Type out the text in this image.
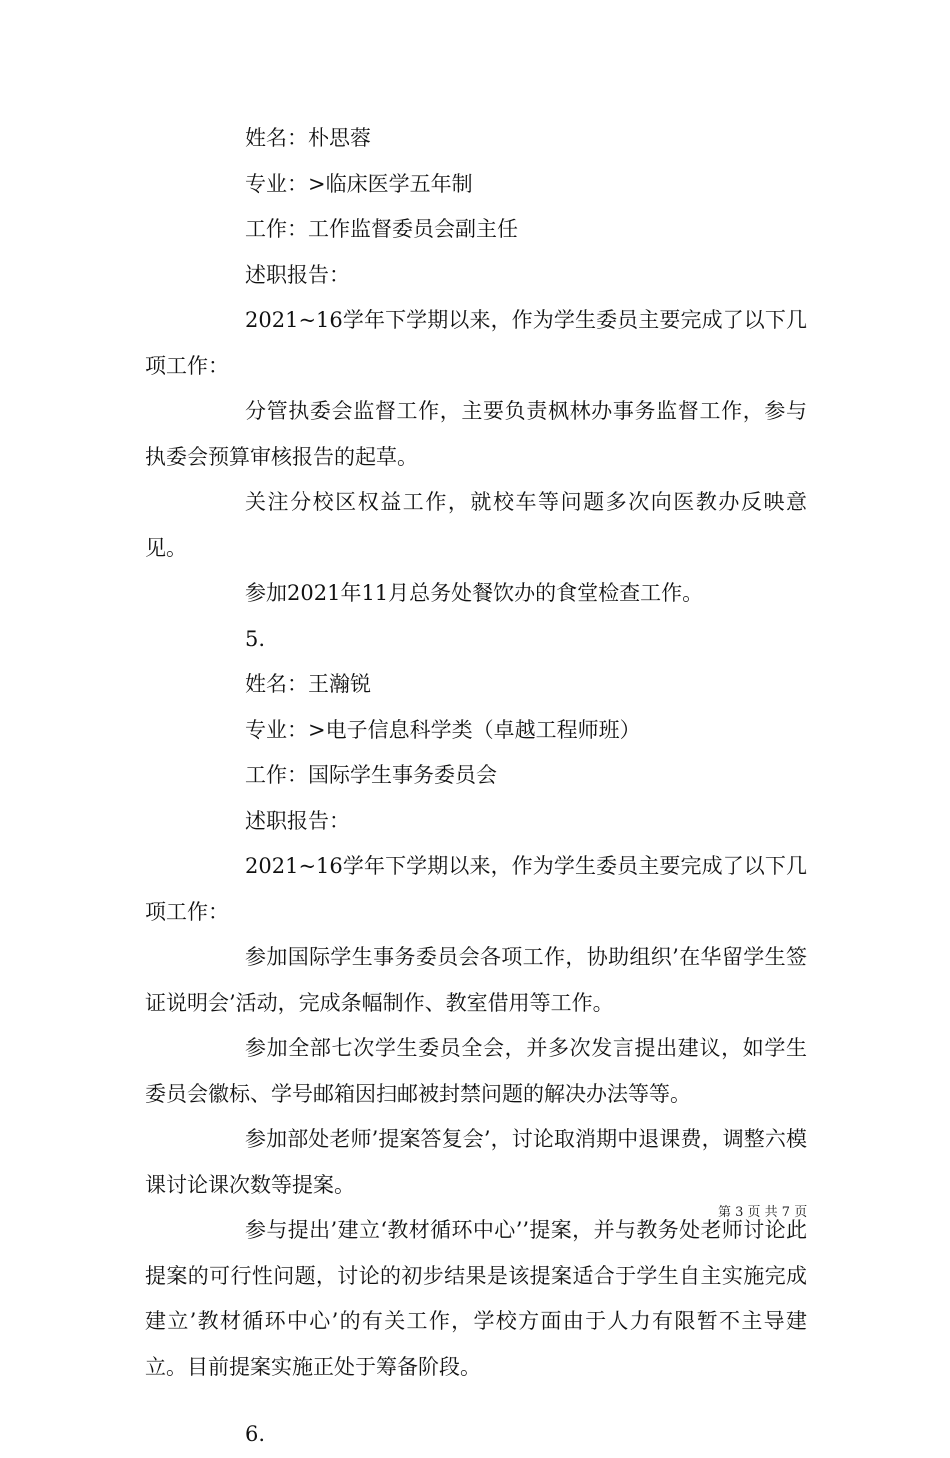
姓名：朴思蓉

专业：>临床医学五年制

工作：工作监督委员会副主任

述职报告：

2021~16学年下学期以来，作为学生委员主要完成了以下几项工作：

分管执委会监督工作，主要负责枫林办事务监督工作，参与执委会预算审核报告的起草。

关注分校区权益工作，就校车等问题多次向医教办反映意见。

参加2021年11月总务处餐饮办的食堂检查工作。

5.

姓名：王瀚锐

专业：>电子信息科学类（卓越工程师班）

工作：国际学生事务委员会

述职报告：

2021~16学年下学期以来，作为学生委员主要完成了以下几项工作：

参加国际学生事务委员会各项工作，协助组织’在华留学生签证说明会’活动，完成条幅制作、教室借用等工作。

参加全部七次学生委员全会，并多次发言提出建议，如学生委员会徽标、学号邮箱因扫邮被封禁问题的解决办法等等。

参加部处老师’提案答复会’，讨论取消期中退课费，调整六模课讨论课次数等提案。

参与提出’建立‘教材循环中心’’提案，并与教务处老师讨论此提案的可行性问题，讨论的初步结果是该提案适合于学生自主实施完成建立’教材循环中心’的有关工作，学校方面由于人力有限暂不主导建立。目前提案实施正处于筹备阶段。

6.

第 3 页 共 7 页
